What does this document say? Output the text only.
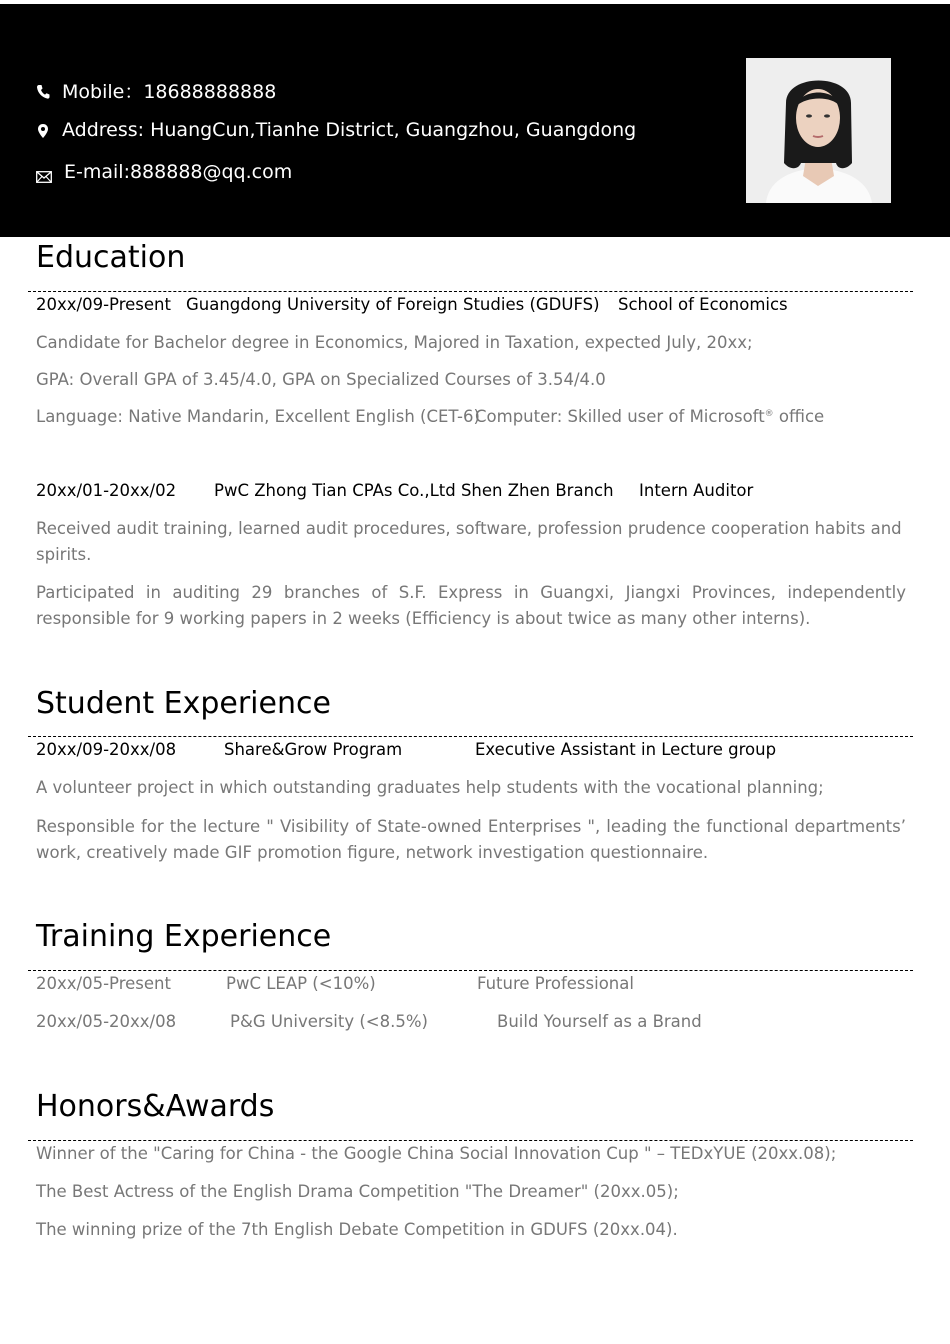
Mobile：18688888888
Address: HuangCun,Tianhe District, Guangzhou, Guangdong
E-mail:888888@qq.com
Education
20xx/09-Present Guangdong University of Foreign Studies (GDUFS) School of Economics
Candidate for Bachelor degree in Economics, Majored in Taxation, expected July, 20xx;
GPA: Overall GPA of 3.45/4.0, GPA on Specialized Courses of 3.54/4.0
Language: Native Mandarin, Excellent English (CET-6)
Computer: Skilled user of Microsoft® office
20xx/01-20xx/02 PwC Zhong Tian CPAs Co.,Ltd Shen Zhen Branch Intern Auditor
Received audit training, learned audit procedures, software, profession prudence cooperation habits and spirits.
Participated in auditing 29 branches of S.F. Express in Guangxi, Jiangxi Provinces, independently responsible for 9 working papers in 2 weeks (Efficiency is about twice as many other interns).
Student Experience
20xx/09-20xx/08	Share&Grow Program	Executive Assistant in Lecture group
A volunteer project in which outstanding graduates help students with the vocational planning;
Responsible for the lecture " Visibility of State-owned Enterprises ", leading the functional departments’ work, creatively made GIF promotion figure, network investigation questionnaire.
Training Experience
20xx/05-Present	PwC LEAP (<10%)	Future Professional
20xx/05-20xx/08	P&G University (<8.5%)	Build Yourself as a Brand
Honors&Awards
Winner of the "Caring for China - the Google China Social Innovation Cup " – TEDxYUE (20xx.08);
The Best Actress of the English Drama Competition "The Dreamer" (20xx.05);
The winning prize of the 7th English Debate Competition in GDUFS (20xx.04).
